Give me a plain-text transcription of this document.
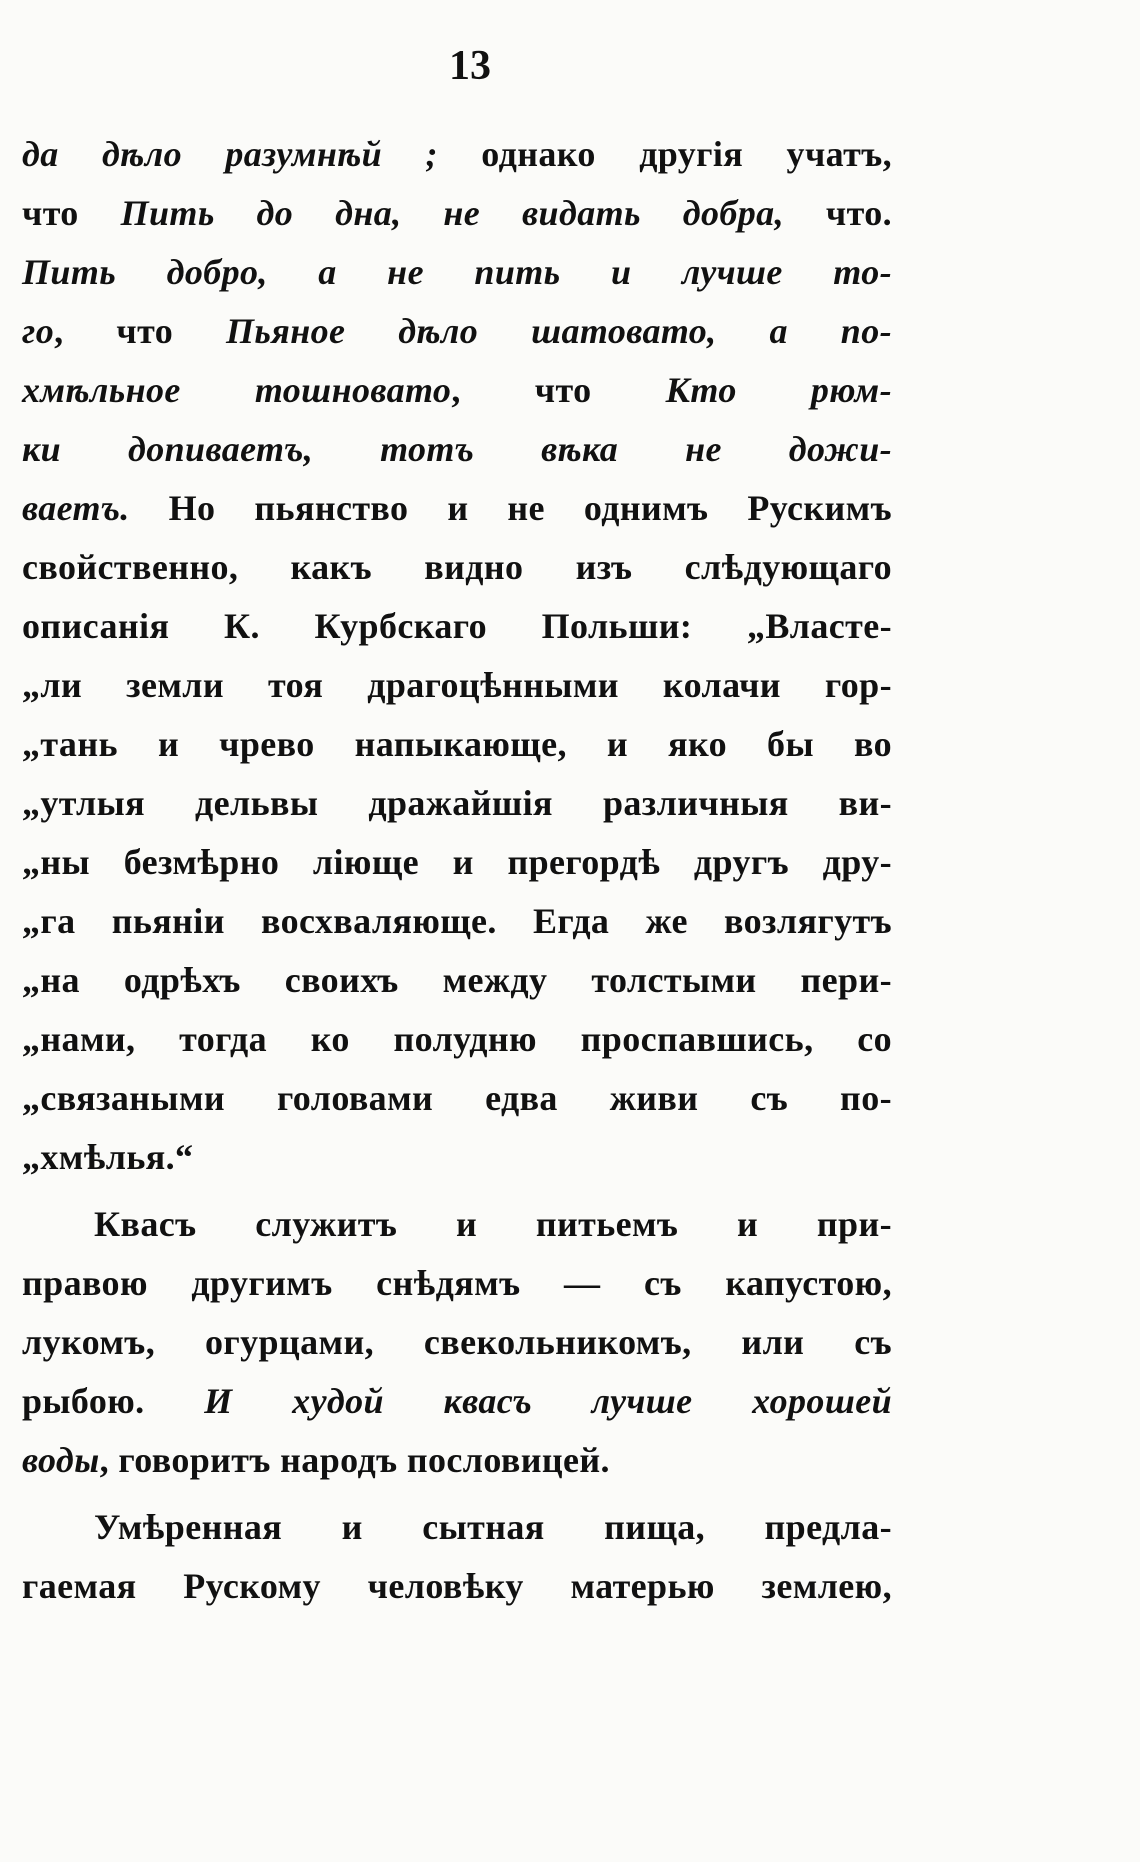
13
да дѣло разумнѣй ; однако другія учатъ,
что Пить до дна, не видать добра, что.
Пить добро, а не пить и лучше то-
го, что Пьяное дѣло шатовато, а по-
хмѣльное тошновато, что Кто рюм-
ки допиваетъ, тотъ вѣка не дожи-
ваетъ. Но пьянство и не однимъ Рускимъ
свойственно, какъ видно изъ слѣдующаго
описанія К. Курбскаго Польши: „Власте-
„ли земли тоя драгоцѣнными колачи гор-
„тань и чрево напыкающе, и яко бы во
„утлыя дельвы дражайшія различныя ви-
„ны безмѣрно ліюще и прегордѣ другъ дру-
„га пьяніи восхваляюще. Егда же возлягутъ
„на одрѣхъ своихъ между толстыми пери-
„нами, тогда ко полудню проспавшись, со
„связаными головами едва живи съ по-
„хмѣлья.“
Квасъ служитъ и питьемъ и при-
правою другимъ снѣдямъ — съ капустою,
лукомъ, огурцами, свекольникомъ, или съ
рыбою. И худой квасъ лучше хорошей
воды, говоритъ народъ пословицей.
Умѣренная и сытная пища, предла-
гаемая Рускому человѣку матерью землею,
